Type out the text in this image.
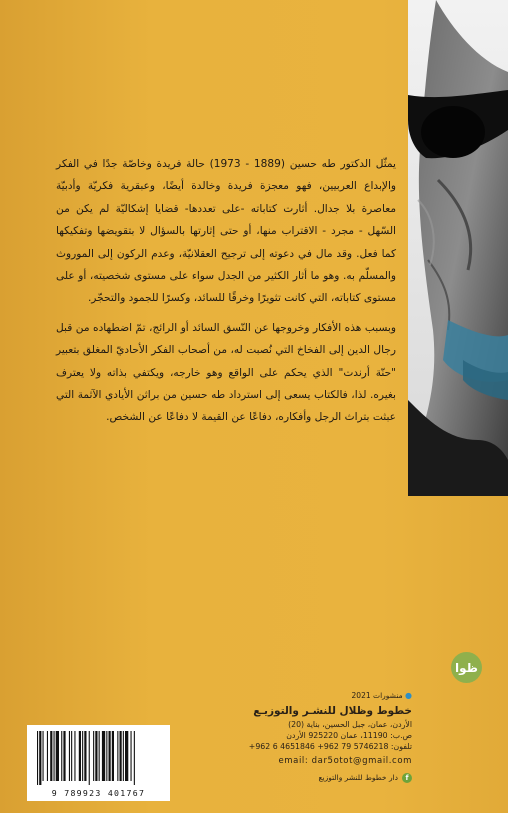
يمثّل الدكتور طه حسين (1889 - 1973) حالة فريدة وخاصّة جدًا في الفكر والإبداع العربيين، فهو معجزة فريدة وخالدة أيضًا، وعبقرية فكريّة وأدبيّة معاصرة بلا جدال. أثارت كتاباته -على تعددها- قضايا إشكاليّة لم يكن من السّهل - مجرد - الاقتراب منها، أو حتى إثارتها بالسؤال لا بتقويضها وتفكيكها كما فعل. وقد مال في دعوته إلى ترجيح العقلانيّة، وعدم الركون إلى الموروث والمسلّم به. وهو ما أثار الكثير من الجدل سواء على مستوى شخصيته، أو على مستوى كتاباته، التي كانت تثويرًا وخرقًا للسائد، وكسرًا للجمود والتحجّر.

وبسبب هذه الأفكار وخروجها عن النّسق السائد أو الرائج، تمّ اضطهاده من قبل رجال الدين إلى الفخاخ التي نُصبت له، من أصحاب الفكر الأحاديّ المغلق بتعبير "حنّة أرندت" الذي يحكم على الواقع وهو خارجه، ويكتفي بذاته ولا يعترف بغيره. لذا، فالكتاب يسعى إلى استرداد طه حسين من براثن الأيادي الآثمة التي عبثت بتراث الرجل وأفكاره، دفاعًا عن القيمة لا دفاعًا عن الشخص.

ظوا
● منشورات 2021
خطوط وظلال للنشـر والتوزيـع
الأردن، عمان، جبل الحسين، بناية (20)
ص.ب: 11190، عمان 925220 الأردن
تلفون: 5746218 79 962+ 4651846 6 962+
email: dar5otot@gmail.com
f
دار خطوط للنشر والتوزيع
9 789923 401767
